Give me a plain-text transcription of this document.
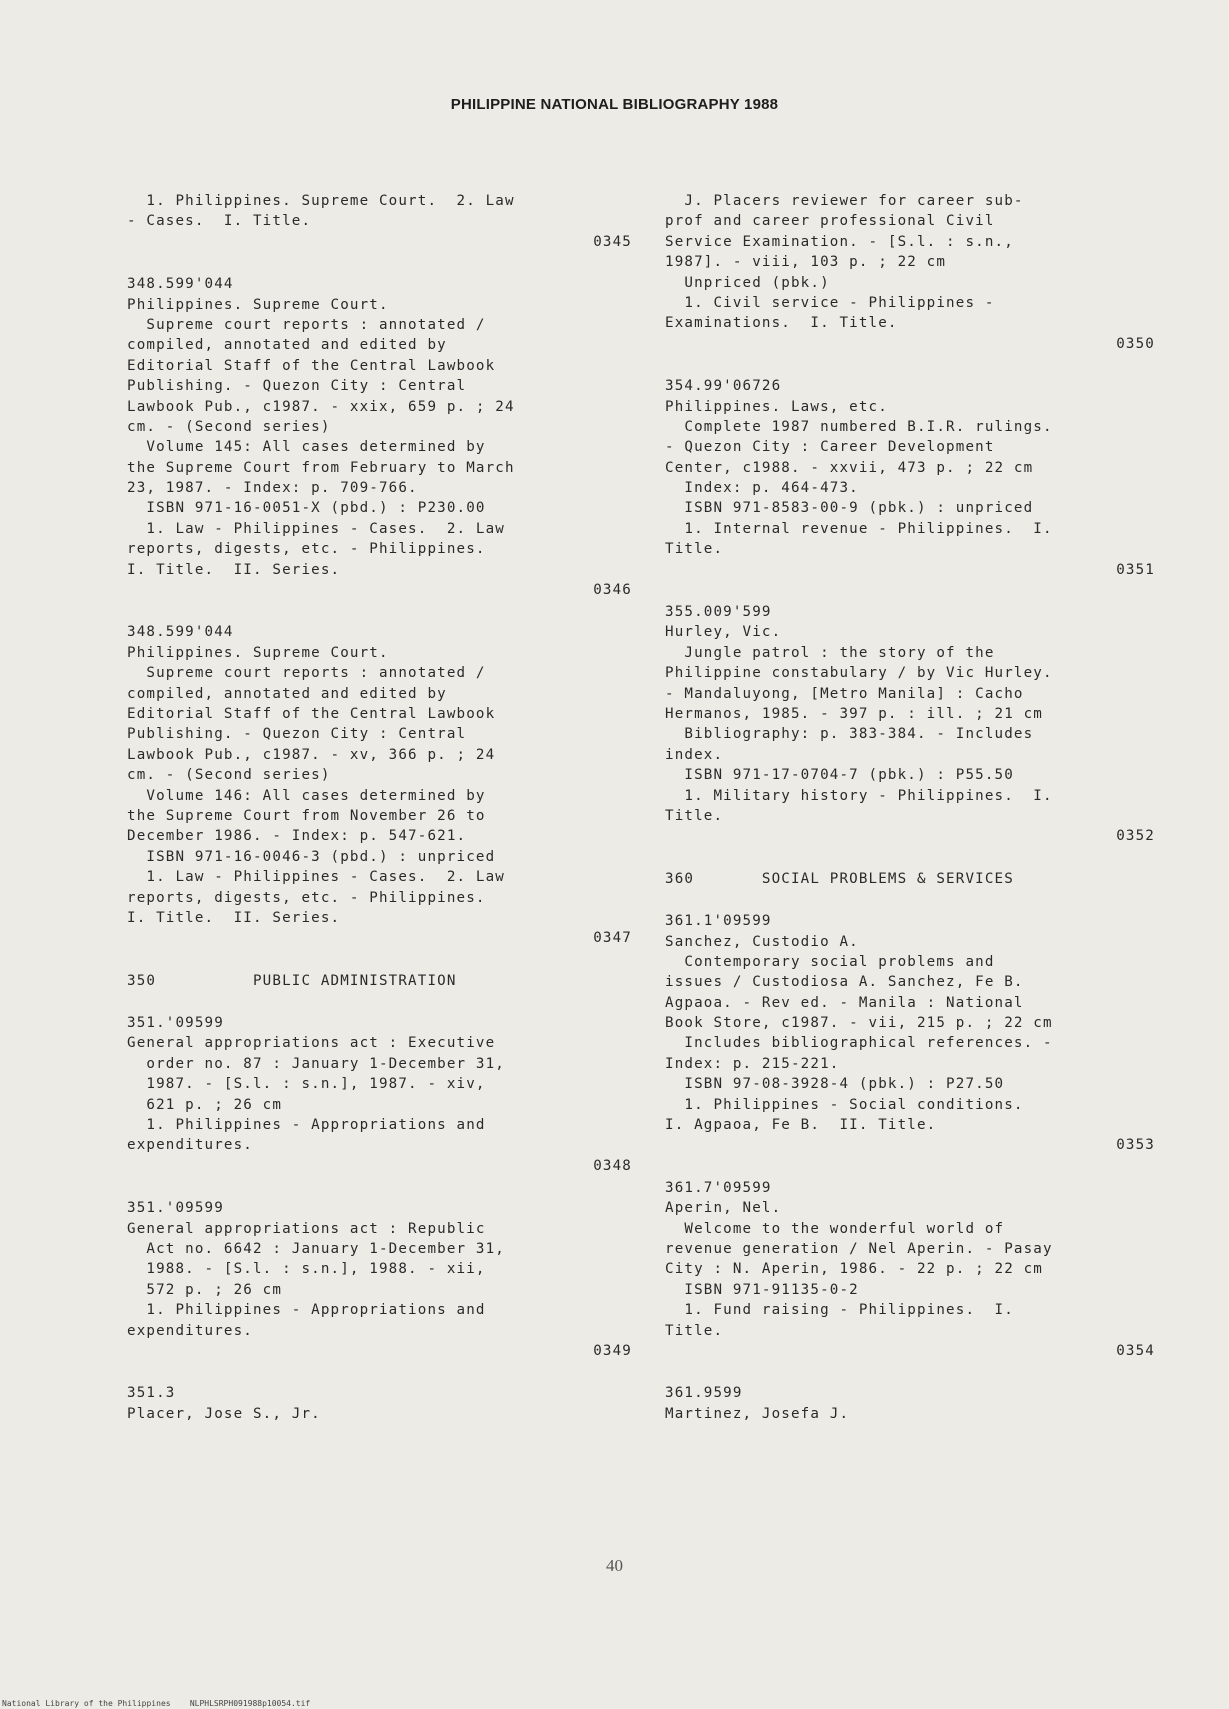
PHILIPPINE NATIONAL BIBLIOGRAPHY 1988
1. Philippines. Supreme Court.  2. Law
- Cases.  I. Title.
0345
348.599'044
Philippines. Supreme Court.
Supreme court reports : annotated /
compiled, annotated and edited by
Editorial Staff of the Central Lawbook
Publishing. - Quezon City : Central
Lawbook Pub., c1987. - xxix, 659 p. ; 24
cm. - (Second series)
Volume 145: All cases determined by
the Supreme Court from February to March
23, 1987. - Index: p. 709-766.
ISBN 971-16-0051-X (pbd.) : P230.00
1. Law - Philippines - Cases.  2. Law
reports, digests, etc. - Philippines.
I. Title.  II. Series.
0346
348.599'044
Philippines. Supreme Court.
Supreme court reports : annotated /
compiled, annotated and edited by
Editorial Staff of the Central Lawbook
Publishing. - Quezon City : Central
Lawbook Pub., c1987. - xv, 366 p. ; 24
cm. - (Second series)
Volume 146: All cases determined by
the Supreme Court from November 26 to
December 1986. - Index: p. 547-621.
ISBN 971-16-0046-3 (pbd.) : unpriced
1. Law - Philippines - Cases.  2. Law
reports, digests, etc. - Philippines.
I. Title.  II. Series.
0347
350          PUBLIC ADMINISTRATION
351.'09599
General appropriations act : Executive
order no. 87 : January 1-December 31,
1987. - [S.l. : s.n.], 1987. - xiv,
621 p. ; 26 cm
1. Philippines - Appropriations and
expenditures.
0348
351.'09599
General appropriations act : Republic
Act no. 6642 : January 1-December 31,
1988. - [S.l. : s.n.], 1988. - xii,
572 p. ; 26 cm
1. Philippines - Appropriations and
expenditures.
0349
351.3
Placer, Jose S., Jr.
J. Placers reviewer for career sub-
prof and career professional Civil
Service Examination. - [S.l. : s.n.,
1987]. - viii, 103 p. ; 22 cm
Unpriced (pbk.)
1. Civil service - Philippines -
Examinations.  I. Title.
0350
354.99'06726
Philippines. Laws, etc.
Complete 1987 numbered B.I.R. rulings.
- Quezon City : Career Development
Center, c1988. - xxvii, 473 p. ; 22 cm
Index: p. 464-473.
ISBN 971-8583-00-9 (pbk.) : unpriced
1. Internal revenue - Philippines.  I.
Title.
0351
355.009'599
Hurley, Vic.
Jungle patrol : the story of the
Philippine constabulary / by Vic Hurley.
- Mandaluyong, [Metro Manila] : Cacho
Hermanos, 1985. - 397 p. : ill. ; 21 cm
Bibliography: p. 383-384. - Includes
index.
ISBN 971-17-0704-7 (pbk.) : P55.50
1. Military history - Philippines.  I.
Title.
0352
360       SOCIAL PROBLEMS & SERVICES
361.1'09599
Sanchez, Custodio A.
Contemporary social problems and
issues / Custodiosa A. Sanchez, Fe B.
Agpaoa. - Rev ed. - Manila : National
Book Store, c1987. - vii, 215 p. ; 22 cm
Includes bibliographical references. -
Index: p. 215-221.
ISBN 97-08-3928-4 (pbk.) : P27.50
1. Philippines - Social conditions.
I. Agpaoa, Fe B.  II. Title.
0353
361.7'09599
Aperin, Nel.
Welcome to the wonderful world of
revenue generation / Nel Aperin. - Pasay
City : N. Aperin, 1986. - 22 p. ; 22 cm
ISBN 971-91135-0-2
1. Fund raising - Philippines.  I.
Title.
0354
361.9599
Martinez, Josefa J.
40
National Library of the Philippines    NLPHLSRPH091988p10054.tif
